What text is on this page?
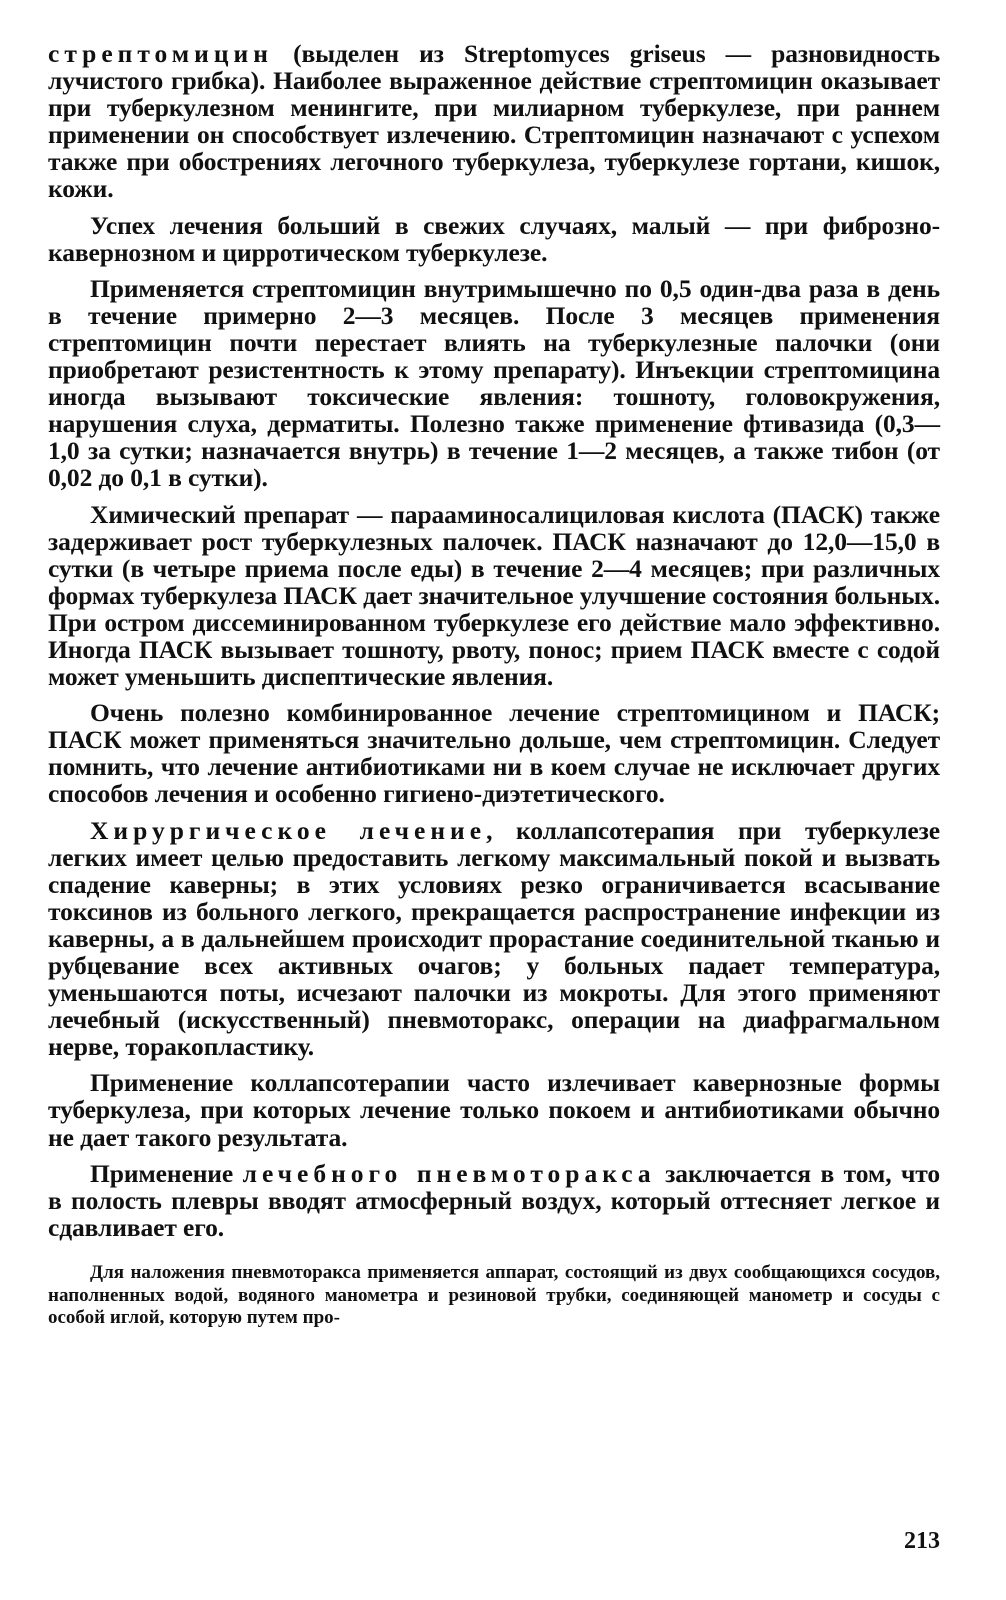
стрептомицин (выделен из Streptomyces griseus — разновидность лучистого грибка). Наиболее выраженное действие стрептомицин оказывает при туберкулезном менингите, при милиарном туберкулезе, при раннем применении он способствует излечению. Стрептомицин назначают с успехом также при обострениях легочного туберкулеза, туберкулезе гортани, кишок, кожи.

Успех лечения больший в свежих случаях, малый — при фиброзно-кавернозном и цирротическом туберкулезе.

Применяется стрептомицин внутримышечно по 0,5 один-два раза в день в течение примерно 2—3 месяцев. После 3 месяцев применения стрептомицин почти перестает влиять на туберкулезные палочки (они приобретают резистентность к этому препарату). Инъекции стрептомицина иногда вызывают токсические явления: тошноту, головокружения, нарушения слуха, дерматиты. Полезно также применение фтивазида (0,3—1,0 за сутки; назначается внутрь) в течение 1—2 месяцев, а также тибон (от 0,02 до 0,1 в сутки).

Химический препарат — парааминосалициловая кислота (ПАСК) также задерживает рост туберкулезных палочек. ПАСК назначают до 12,0—15,0 в сутки (в четыре приема после еды) в течение 2—4 месяцев; при различных формах туберкулеза ПАСК дает значительное улучшение состояния больных. При остром диссеминированном туберкулезе его действие мало эффективно. Иногда ПАСК вызывает тошноту, рвоту, понос; прием ПАСК вместе с содой может уменьшить диспептические явления.

Очень полезно комбинированное лечение стрептомицином и ПАСК; ПАСК может применяться значительно дольше, чем стрептомицин. Следует помнить, что лечение антибиотиками ни в коем случае не исключает других способов лечения и особенно гигиено-диэтетического.

Хирургическое лечение, коллапсотерапия при туберкулезе легких имеет целью предоставить легкому максимальный покой и вызвать спадение каверны; в этих условиях резко ограничивается всасывание токсинов из больного легкого, прекращается распространение инфекции из каверны, а в дальнейшем происходит прорастание соединительной тканью и рубцевание всех активных очагов; у больных падает температура, уменьшаются поты, исчезают палочки из мокроты. Для этого применяют лечебный (искусственный) пневмоторакс, операции на диафрагмальном нерве, торакопластику.

Применение коллапсотерапии часто излечивает кавернозные формы туберкулеза, при которых лечение только покоем и антибиотиками обычно не дает такого результата.

Применение лечебного пневмоторакса заключается в том, что в полость плевры вводят атмосферный воздух, который оттесняет легкое и сдавливает его.

Для наложения пневмоторакса применяется аппарат, состоящий из двух сообщающихся сосудов, наполненных водой, водяного манометра и резиновой трубки, соединяющей манометр и сосуды с особой иглой, которую путем про-

213
